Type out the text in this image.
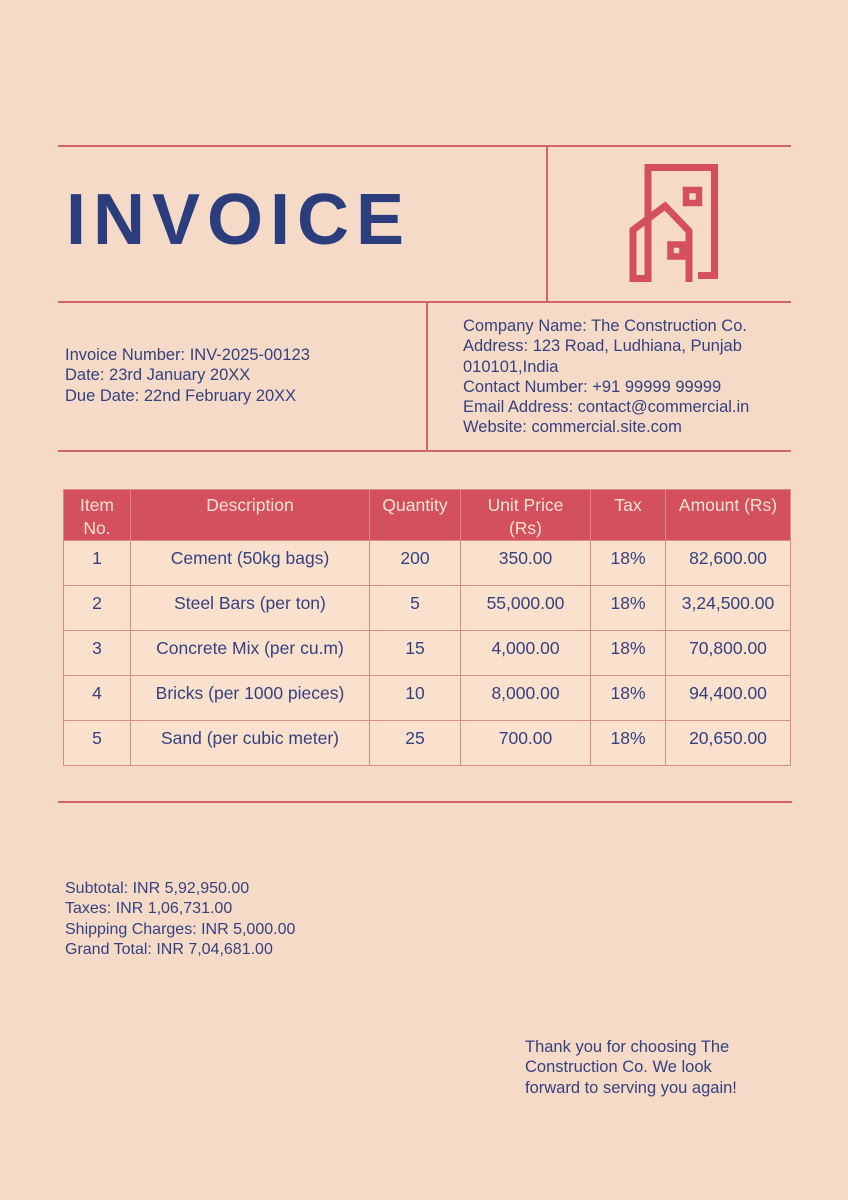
INVOICE
Invoice Number: INV-2025-00123
Date: 23rd January 20XX
Due Date: 22nd February 20XX
Company Name: The Construction Co.
Address: 123 Road, Ludhiana, Punjab 010101,India
Contact Number: +91 99999 99999
Email Address: contact@commercial.in
Website: commercial.site.com
Item No.	Description	Quantity	Unit Price (Rs)	Tax	Amount (Rs)
1	Cement (50kg bags)	200	350.00	18%	82,600.00
2	Steel Bars (per ton)	5	55,000.00	18%	3,24,500.00
3	Concrete Mix (per cu.m)	15	4,000.00	18%	70,800.00
4	Bricks (per 1000 pieces)	10	8,000.00	18%	94,400.00
5	Sand (per cubic meter)	25	700.00	18%	20,650.00
Subtotal: INR 5,92,950.00
Taxes: INR 1,06,731.00
Shipping Charges: INR 5,000.00
Grand Total: INR 7,04,681.00
Thank you for choosing The Construction Co. We look forward to serving you again!
